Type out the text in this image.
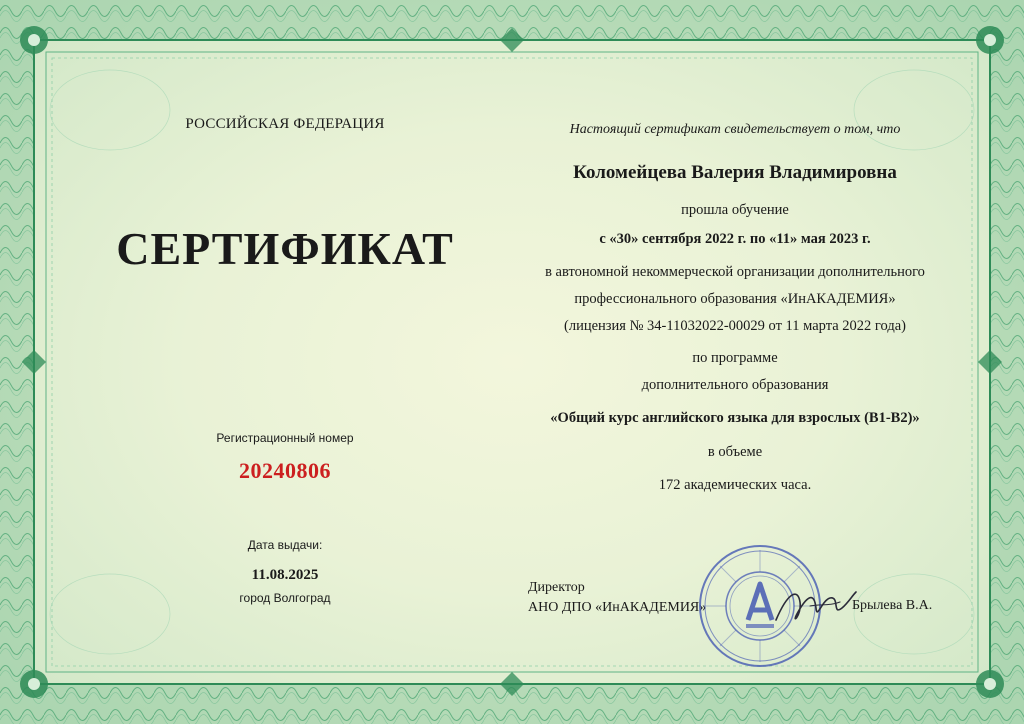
РОССИЙСКАЯ ФЕДЕРАЦИЯ
СЕРТИФИКАТ
Регистрационный номер
20240806
Дата выдачи:
11.08.2025
город Волгоград
Настоящий сертификат свидетельствует о том, что
Коломейцева Валерия Владимировна
прошла обучение
с «30» сентября 2022 г. по «11» мая 2023 г.
в автономной некоммерческой организации дополнительного
профессионального образования «ИнАКАДЕМИЯ»
(лицензия № 34-11032022-00029 от 11 марта 2022 года)
по программе
дополнительного образования
«Общий курс английского языка для взрослых (B1-B2)»
в объеме
172 академических часа.
Директор
АНО ДПО «ИнАКАДЕМИЯ»	Брылева В.А.
